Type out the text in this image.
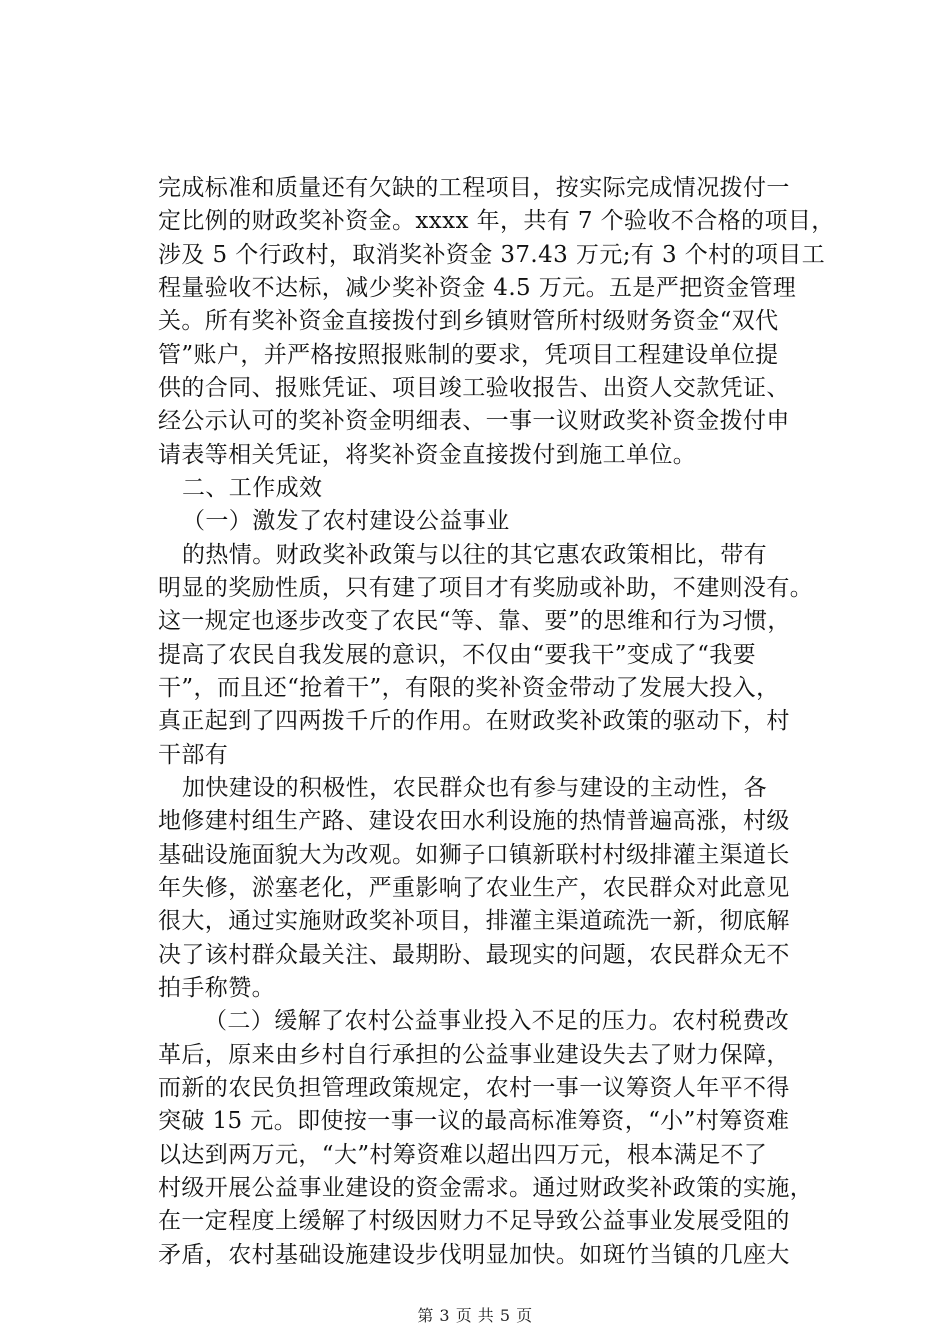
完成标准和质量还有欠缺的工程项目，按实际完成情况拨付一
定比例的财政奖补资金。xxxx 年，共有 7 个验收不合格的项目，
涉及 5 个行政村，取消奖补资金 37.43 万元;有 3 个村的项目工
程量验收不达标，减少奖补资金 4.5 万元。五是严把资金管理
关。所有奖补资金直接拨付到乡镇财管所村级财务资金“双代
管”账户，并严格按照报账制的要求，凭项目工程建设单位提
供的合同、报账凭证、项目竣工验收报告、出资人交款凭证、
经公示认可的奖补资金明细表、一事一议财政奖补资金拨付申
请表等相关凭证，将奖补资金直接拨付到施工单位。
二、工作成效
（一）激发了农村建设公益事业
的热情。财政奖补政策与以往的其它惠农政策相比，带有
明显的奖励性质，只有建了项目才有奖励或补助，不建则没有。
这一规定也逐步改变了农民“等、靠、要”的思维和行为习惯，
提高了农民自我发展的意识，不仅由“要我干”变成了“我要
干”，而且还“抢着干”，有限的奖补资金带动了发展大投入，
真正起到了四两拨千斤的作用。在财政奖补政策的驱动下，村
干部有
加快建设的积极性，农民群众也有参与建设的主动性，各
地修建村组生产路、建设农田水利设施的热情普遍高涨，村级
基础设施面貌大为改观。如狮子口镇新联村村级排灌主渠道长
年失修，淤塞老化，严重影响了农业生产，农民群众对此意见
很大，通过实施财政奖补项目，排灌主渠道疏洗一新，彻底解
决了该村群众最关注、最期盼、最现实的问题，农民群众无不
拍手称赞。
（二）缓解了农村公益事业投入不足的压力。农村税费改
革后，原来由乡村自行承担的公益事业建设失去了财力保障，
而新的农民负担管理政策规定，农村一事一议筹资人年平不得
突破 15 元。即使按一事一议的最高标准筹资，“小”村筹资难
以达到两万元，“大”村筹资难以超出四万元，根本满足不了
村级开展公益事业建设的资金需求。通过财政奖补政策的实施，
在一定程度上缓解了村级因财力不足导致公益事业发展受阻的
矛盾，农村基础设施建设步伐明显加快。如斑竹当镇的几座大
第 3 页 共 5 页
